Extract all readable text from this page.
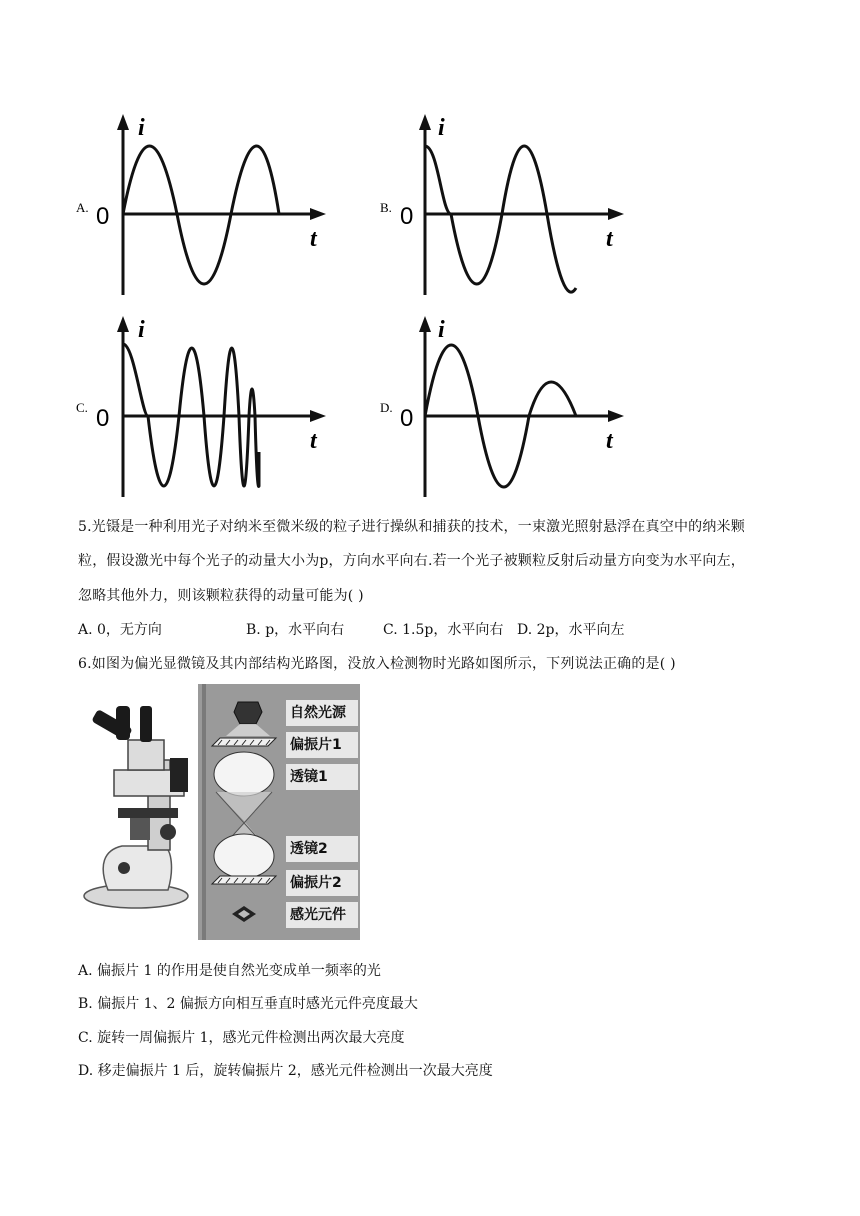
A.
i
t
0	B.
i
t
0
C.
i
t
0	D.
i
t
0
5.光镊是一种利用光子对纳米至微米级的粒子进行操纵和捕获的技术，一束激光照射悬浮在真空中的纳米颗
粒，假设激光中每个光子的动量大小为p，方向水平向右.若一个光子被颗粒反射后动量方向变为水平向左，
忽略其他外力，则该颗粒获得的动量可能为( )
A. 0，无方向	B. p，水平向右	C. 1.5p，水平向右 D. 2p，水平向左
6.如图为偏光显微镜及其内部结构光路图，没放入检测物时光路如图所示，下列说法正确的是( )
自然光源
偏振片1
透镜1
透镜2
偏振片2
感光元件
A. 偏振片 1 的作用是使自然光变成单一频率的光
B. 偏振片 1、2 偏振方向相互垂直时感光元件亮度最大
C. 旋转一周偏振片 1，感光元件检测出两次最大亮度
D. 移走偏振片 1 后，旋转偏振片 2，感光元件检测出一次最大亮度
